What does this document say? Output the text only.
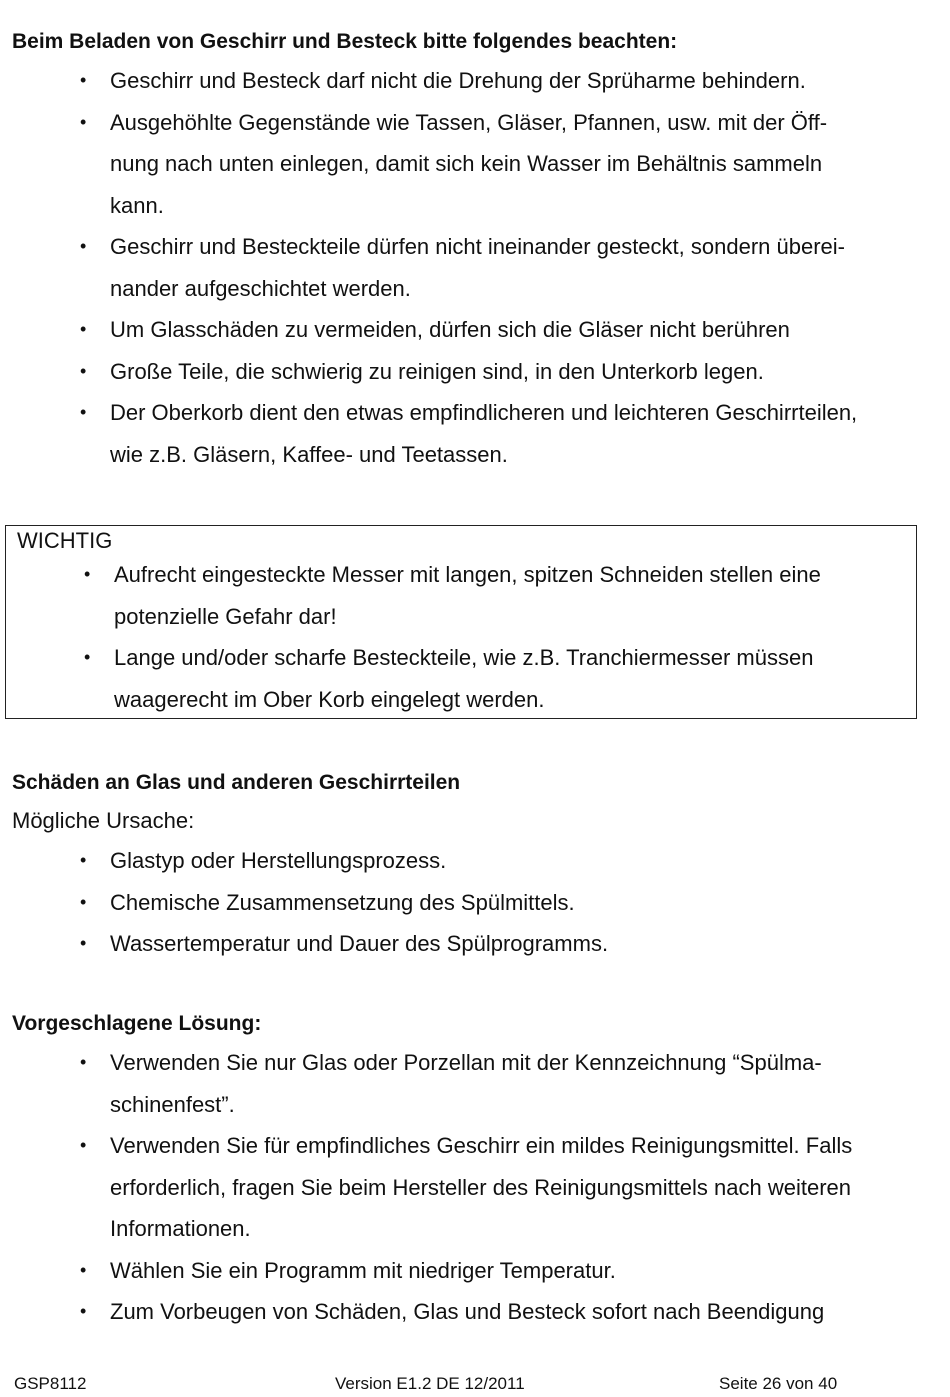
Beim Beladen von Geschirr und Besteck bitte folgendes beachten:
• Geschirr und Besteck darf nicht die Drehung der Sprüharme behindern.
• Ausgehöhlte Gegenstände wie Tassen, Gläser, Pfannen, usw. mit der Öff-
nung nach unten einlegen, damit sich kein Wasser im Behältnis sammeln
kann.
• Geschirr und Besteckteile dürfen nicht ineinander gesteckt, sondern überei-
nander aufgeschichtet werden.
• Um Glasschäden zu vermeiden, dürfen sich die Gläser nicht berühren
• Große Teile, die schwierig zu reinigen sind, in den Unterkorb legen.
• Der Oberkorb dient den etwas empfindlicheren und leichteren Geschirrteilen,
wie z.B. Gläsern, Kaffee- und Teetassen.
WICHTIG
• Aufrecht eingesteckte Messer mit langen, spitzen Schneiden stellen eine
potenzielle Gefahr dar!
• Lange und/oder scharfe Besteckteile, wie z.B. Tranchiermesser müssen
waagerecht im Ober Korb eingelegt werden.
Schäden an Glas und anderen Geschirrteilen
Mögliche Ursache:
• Glastyp oder Herstellungsprozess.
• Chemische Zusammensetzung des Spülmittels.
• Wassertemperatur und Dauer des Spülprogramms.
Vorgeschlagene Lösung:
• Verwenden Sie nur Glas oder Porzellan mit der Kennzeichnung “Spülma-
schinenfest”.
• Verwenden Sie für empfindliches Geschirr ein mildes Reinigungsmittel. Falls
erforderlich, fragen Sie beim Hersteller des Reinigungsmittels nach weiteren
Informationen.
• Wählen Sie ein Programm mit niedriger Temperatur.
• Zum Vorbeugen von Schäden, Glas und Besteck sofort nach Beendigung
GSP8112	Version E1.2 DE 12/2011	Seite 26 von 40
